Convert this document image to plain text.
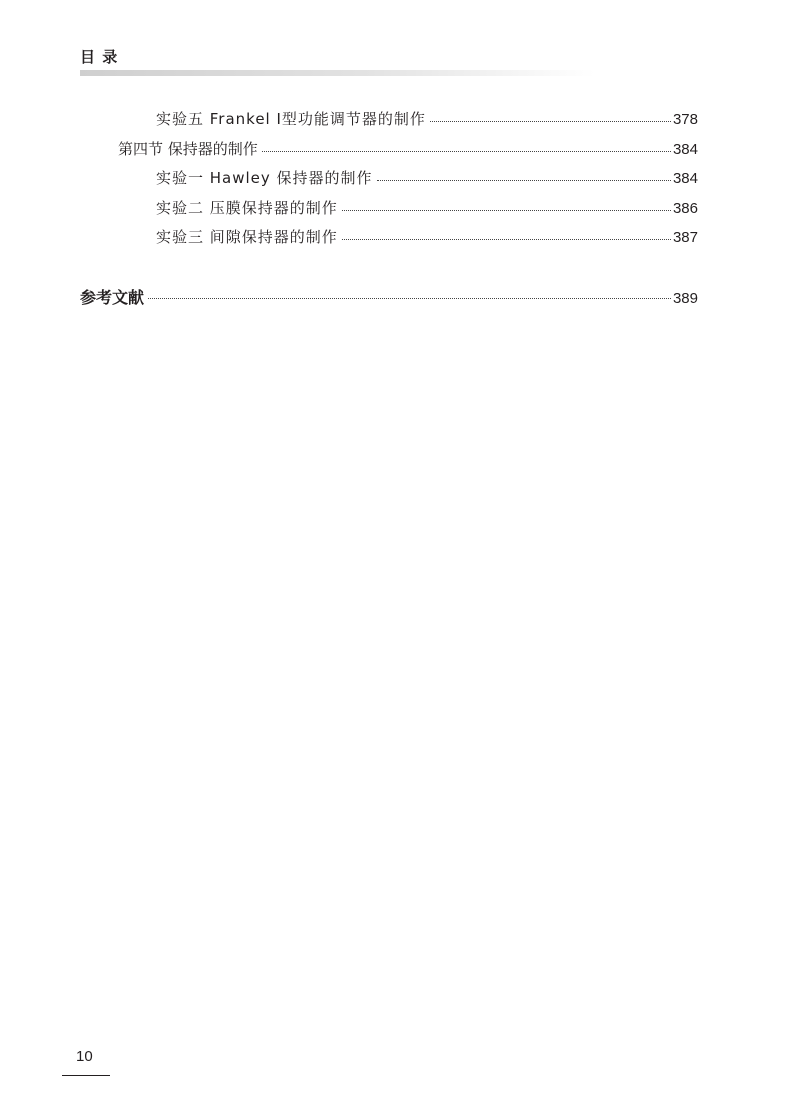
目 录
实验五 Frankel Ⅰ型功能调节器的制作	378
第四节 保持器的制作	384
实验一 Hawley 保持器的制作	384
实验二 压膜保持器的制作	386
实验三 间隙保持器的制作	387
参考文献	389
10
